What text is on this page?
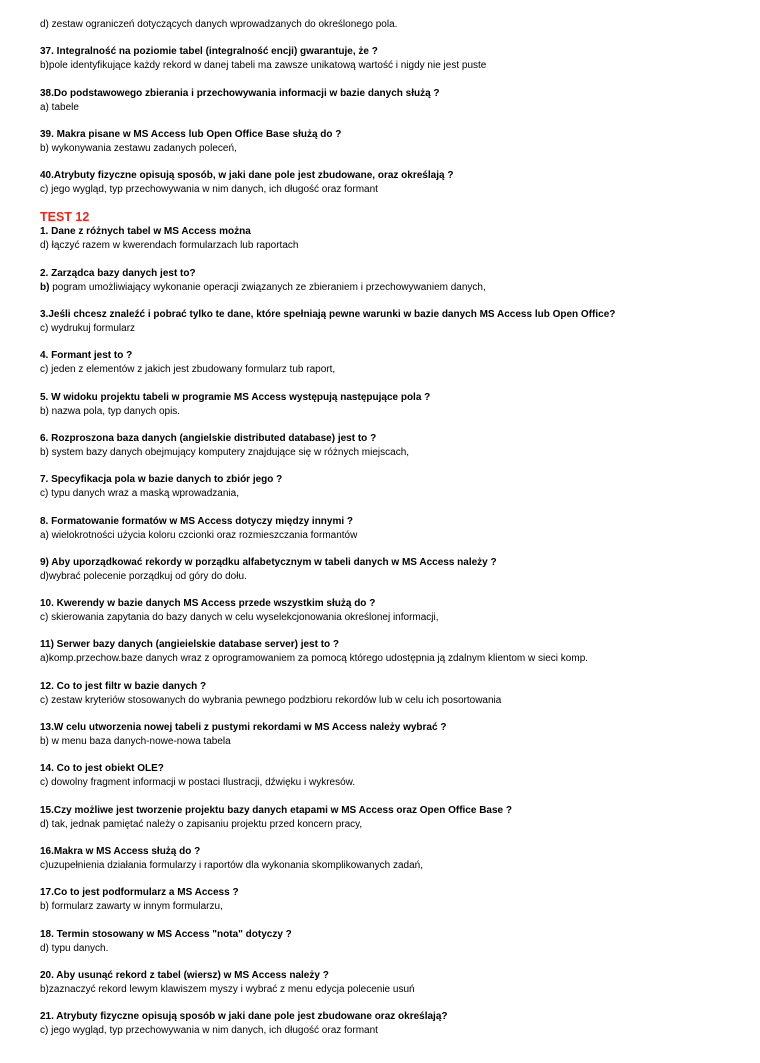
d) zestaw ograniczeń dotyczących danych wprowadzanych do określonego pola.
37. Integralność na poziomie tabel (integralność encji) gwarantuje, że ?
b)pole identyfikujące każdy rekord w danej tabeli ma zawsze unikatową wartość i nigdy nie jest puste
38.Do podstawowego zbierania i przechowywania informacji w bazie danych służą ?
a) tabele
39. Makra pisane w MS Access lub Open Office Base służą do ?
b) wykonywania zestawu zadanych poleceń,
40.Atrybuty fizyczne opisują sposób, w jaki dane pole jest zbudowane, oraz określają ?
c) jego wygląd, typ przechowywania w nim danych, ich długość oraz formant
TEST 12
1. Dane z różnych tabel w MS Access można
d) łączyć razem w kwerendach formularzach lub raportach
2. Zarządca bazy danych jest to?
b) pogram umożliwiający wykonanie operacji związanych ze zbieraniem i przechowywaniem danych,
3.Jeśli chcesz znaleźć i pobrać tylko te dane, które spełniają pewne warunki w bazie danych MS Access lub Open Office?
c) wydrukuj formularz
4. Formant jest to ?
c) jeden z elementów z jakich jest zbudowany formularz tub raport,
5. W widoku projektu tabeli w programie MS Access występują następujące pola ?
b) nazwa pola, typ danych opis.
6. Rozproszona baza danych (angielskie distributed database) jest to ?
b) system bazy danych obejmujący komputery znajdujące się w różnych miejscach,
7. Specyfikacja pola w bazie danych to zbiór jego ?
c) typu danych wraz a maską wprowadzania,
8. Formatowanie formatów w MS Access dotyczy między innymi ?
a) wielokrotności użycia koloru czcionki oraz rozmieszczania formantów
9) Aby uporządkować rekordy w porządku alfabetycznym w tabeli danych w MS Access należy ?
d)wybrać polecenie porządkuj od góry do dołu.
10. Kwerendy w bazie danych MS Access przede wszystkim służą do ?
c) skierowania zapytania do bazy danych w celu wyselekcjonowania określonej informacji,
11) Serwer bazy danych (angieielskie database server) jest to ?
a)komp.przechow.baze danych wraz z oprogramowaniem za pomocą którego udostępnia ją zdalnym klientom w sieci komp.
12. Co to jest filtr w bazie danych ?
c) zestaw kryteriów stosowanych do wybrania pewnego podzbioru rekordów lub w celu ich posortowania
13.W celu utworzenia nowej tabeli z pustymi rekordami w MS Access należy wybrać ?
b) w menu baza danych-nowe-nowa tabela
14. Co to jest obiekt OLE?
c) dowolny fragment informacji w postaci Ilustracji, dźwięku i wykresów.
15.Czy możliwe jest tworzenie projektu bazy danych etapami w MS Access oraz Open Office Base ?
d) tak, jednak pamiętać należy o zapisaniu projektu przed koncern pracy,
16.Makra w MS Access służą do ?
c)uzupełnienia działania formularzy i raportów dla wykonania skomplikowanych zadań,
17.Co to jest podformularz a MS Access ?
b) formularz zawarty w innym formularzu,
18. Termin stosowany w MS Access "nota" dotyczy ?
d) typu danych.
20. Aby usunąć rekord z tabel (wiersz) w MS Access należy ?
b)zaznaczyć rekord lewym klawiszem myszy i wybrać z menu edycja polecenie usuń
21. Atrybuty fizyczne opisują sposób w jaki dane pole jest zbudowane oraz określają?
c) jego wygląd, typ przechowywania w nim danych, ich długość oraz formant
